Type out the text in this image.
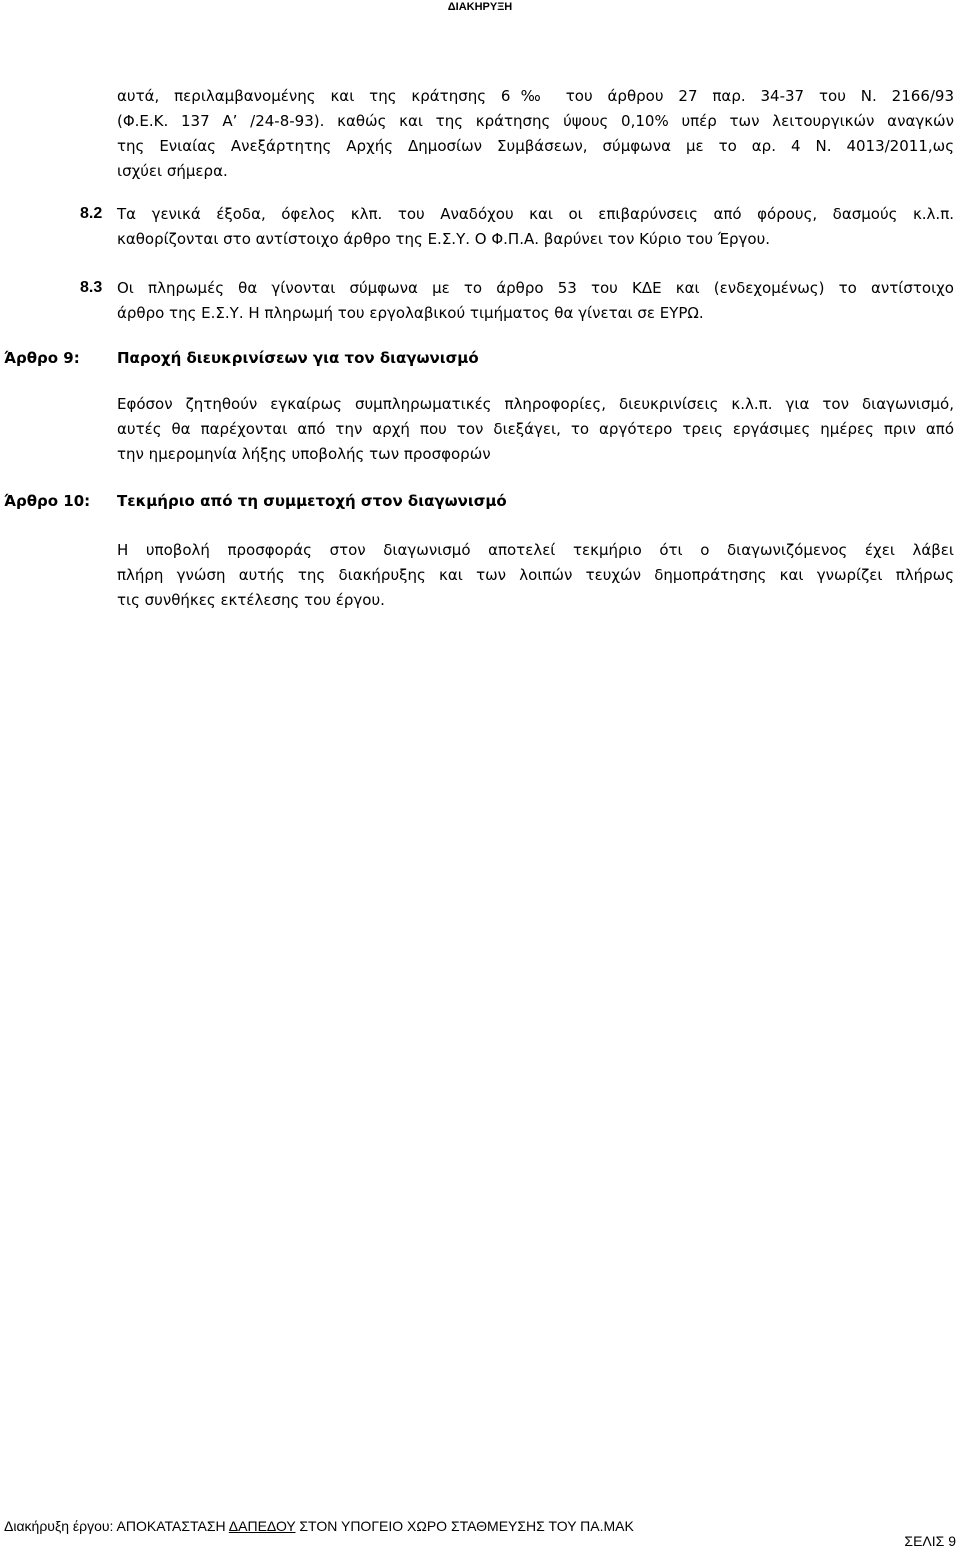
ΔΙΑΚΗΡΥΞΗ
αυτά, περιλαμβανομένης και της κράτησης 6‰ του άρθρου 27 παρ. 34-37 του Ν. 2166/93
(Φ.Ε.Κ. 137 Α’ /24-8-93). καθώς και της κράτησης ύψους 0,10% υπέρ των λειτουργικών αναγκών
της Ενιαίας Ανεξάρτητης Αρχής Δημοσίων Συμβάσεων, σύμφωνα με το αρ. 4 Ν. 4013/2011,ως
ισχύει σήμερα.
8.2 Τα γενικά έξοδα, όφελος κλπ. του Αναδόχου και οι επιβαρύνσεις από φόρους, δασμούς κ.λ.π.
καθορίζονται στο αντίστοιχο άρθρο της Ε.Σ.Υ. Ο Φ.Π.Α. βαρύνει τον Κύριο του Έργου.
8.3 Οι πληρωμές θα γίνονται σύμφωνα με το άρθρο 53 του ΚΔΕ και (ενδεχομένως) το αντίστοιχο
άρθρο της Ε.Σ.Υ. Η πληρωμή του εργολαβικού τιμήματος θα γίνεται σε ΕΥΡΩ.
Άρθρο 9: Παροχή διευκρινίσεων για τον διαγωνισμό
Εφόσον ζητηθούν εγκαίρως συμπληρωματικές πληροφορίες, διευκρινίσεις κ.λ.π. για τον διαγωνισμό,
αυτές θα παρέχονται από την αρχή που τον διεξάγει, το αργότερο τρεις εργάσιμες ημέρες πριν από
την ημερομηνία λήξης υποβολής των προσφορών
Άρθρο 10: Τεκμήριο από τη συμμετοχή στον διαγωνισμό
Η υποβολή προσφοράς στον διαγωνισμό αποτελεί τεκμήριο ότι ο διαγωνιζόμενος έχει λάβει
πλήρη γνώση αυτής της διακήρυξης και των λοιπών τευχών δημοπράτησης και γνωρίζει πλήρως
τις συνθήκες εκτέλεσης του έργου.
Διακήρυξη έργου: ΑΠΟΚΑΤΑΣΤΑΣΗ ΔΑΠΕΔΟΥ ΣΤΟΝ ΥΠΟΓΕΙΟ ΧΩΡΟ ΣΤΑΘΜΕΥΣΗΣ ΤΟΥ ΠΑ.ΜΑΚ
ΣΕΛΙΣ 9
